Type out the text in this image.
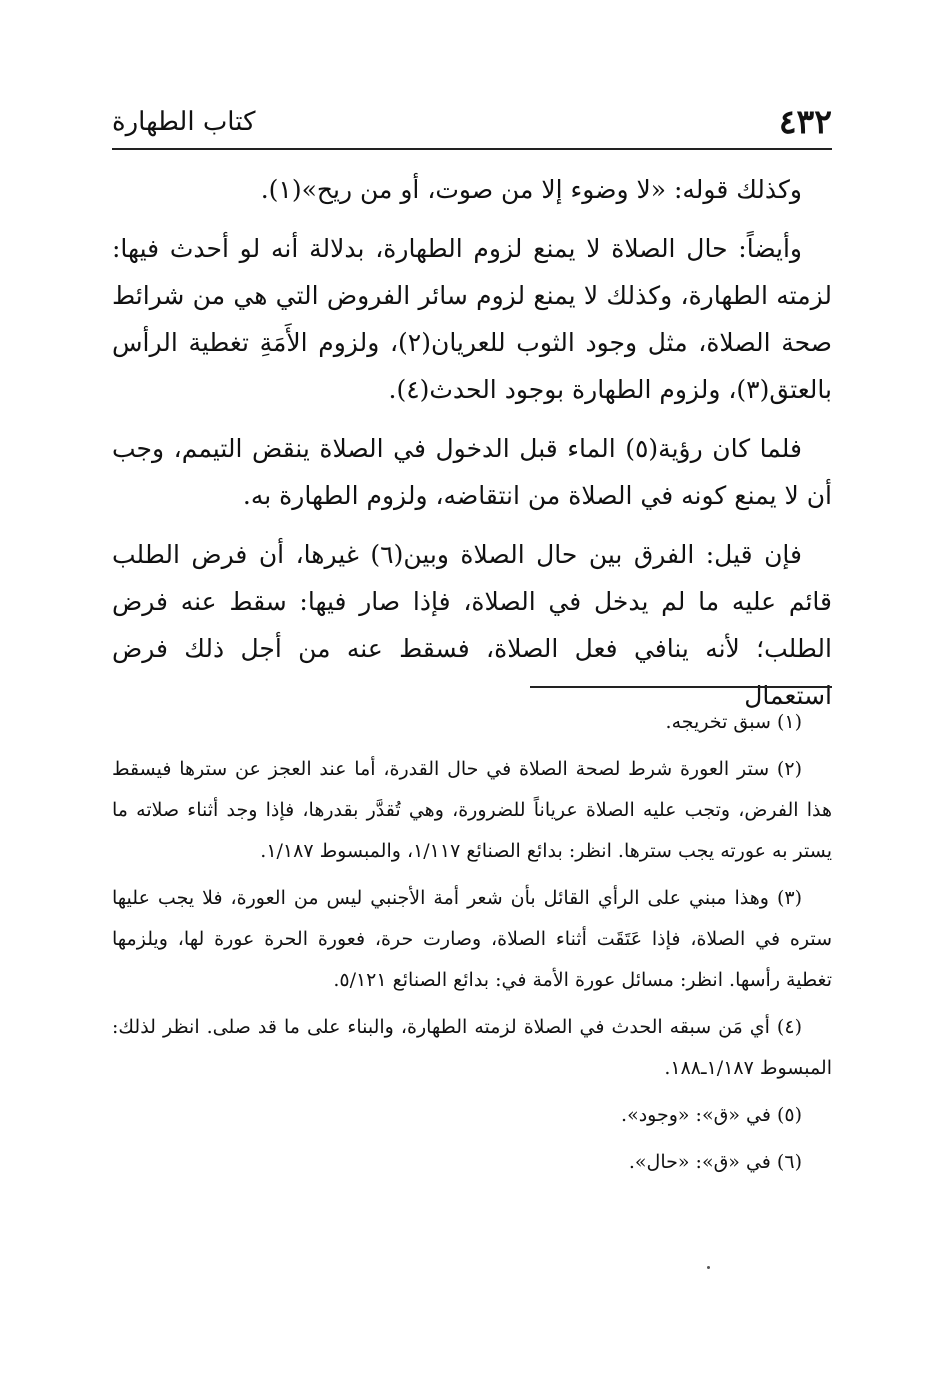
٤٣٢
كتاب الطهارة

وكذلك قوله: «لا وضوء إلا من صوت، أو من ريح»(١).

وأيضاً: حال الصلاة لا يمنع لزوم الطهارة، بدلالة أنه لو أحدث فيها: لزمته الطهارة، وكذلك لا يمنع لزوم سائر الفروض التي هي من شرائط صحة الصلاة، مثل وجود الثوب للعريان(٢)، ولزوم الأَمَةِ تغطية الرأس بالعتق(٣)، ولزوم الطهارة بوجود الحدث(٤).

فلما كان رؤية(٥) الماء قبل الدخول في الصلاة ينقض التيمم، وجب أن لا يمنع كونه في الصلاة من انتقاضه، ولزوم الطهارة به.

فإن قيل: الفرق بين حال الصلاة وبين(٦) غيرها، أن فرض الطلب قائم عليه ما لم يدخل في الصلاة، فإذا صار فيها: سقط عنه فرض الطلب؛ لأنه ينافي فعل الصلاة، فسقط عنه من أجل ذلك فرض استعمال

(١) سبق تخريجه.

(٢) ستر العورة شرط لصحة الصلاة في حال القدرة، أما عند العجز عن سترها فيسقط هذا الفرض، وتجب عليه الصلاة عرياناً للضرورة، وهي تُقدَّر بقدرها، فإذا وجد أثناء صلاته ما يستر به عورته يجب سترها. انظر: بدائع الصنائع ١/١١٧، والمبسوط ١/١٨٧.

(٣) وهذا مبني على الرأي القائل بأن شعر أمة الأجنبي ليس من العورة، فلا يجب عليها ستره في الصلاة، فإذا عَتَقَت أثناء الصلاة، وصارت حرة، فعورة الحرة عورة لها، ويلزمها تغطية رأسها. انظر: مسائل عورة الأمة في: بدائع الصنائع ٥/١٢١.

(٤) أي مَن سبقه الحدث في الصلاة لزمته الطهارة، والبناء على ما قد صلى. انظر لذلك: المبسوط ١/١٨٧ـ١٨٨.

(٥) في «ق»: «وجود».

(٦) في «ق»: «حال».
